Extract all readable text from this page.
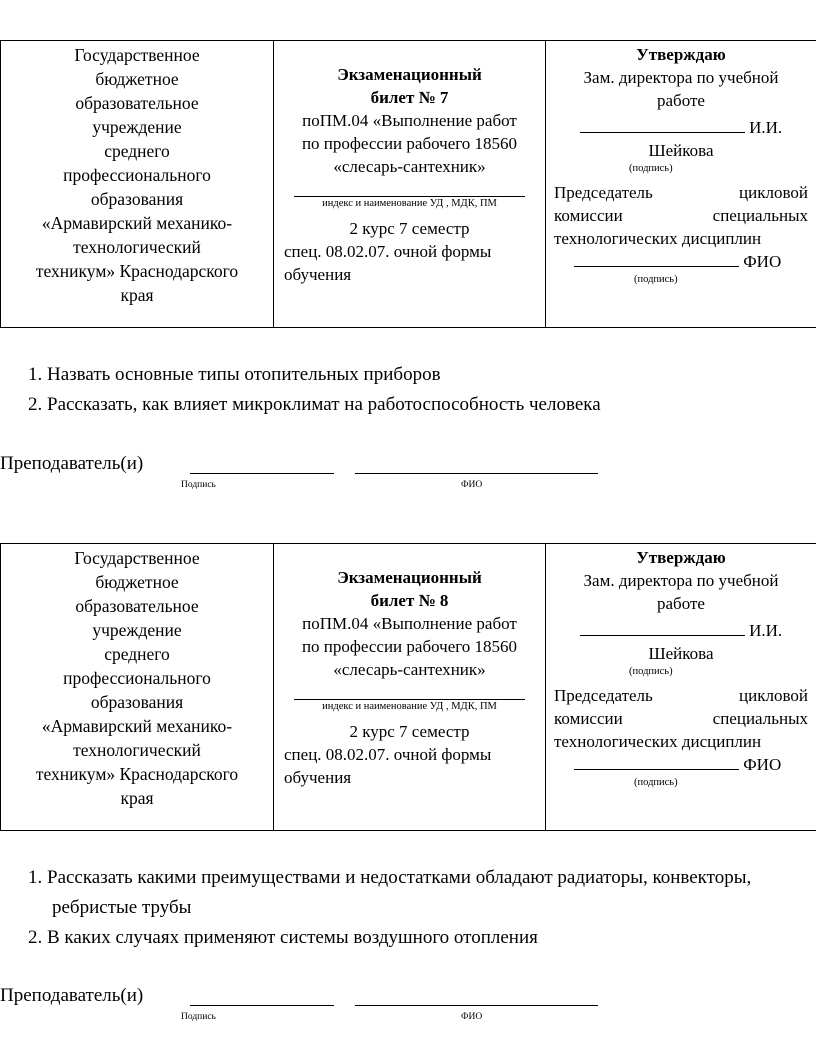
Государственное
бюджетное
образовательное
учреждение
среднего
профессионального
образования
«Армавирский механико-
технологический
техникум» Краснодарского
края

Экзаменационный
билет № 7
поПМ.04 «Выполнение работ
по профессии рабочего 18560
«слесарь-сантехник»
индекс и наименование УД , МДК, ПМ
2 курс 7 семестр
спец. 08.02.07. очной формы обучения

Утверждаю
Зам. директора по учебной
работе
И.И.
Шейкова
(подпись)
Председатель цикловой
комиссии специальных
технологических дисциплин
ФИО
(подпись)
1. Назвать основные типы отопительных приборов
2. Рассказать, как влияет микроклимат на работоспособность человека
Преподаватель(и)
Подпись	ФИО
Государственное
бюджетное
образовательное
учреждение
среднего
профессионального
образования
«Армавирский механико-
технологический
техникум» Краснодарского
края

Экзаменационный
билет № 8
поПМ.04 «Выполнение работ
по профессии рабочего 18560
«слесарь-сантехник»
индекс и наименование УД , МДК, ПМ
2 курс 7 семестр
спец. 08.02.07. очной формы обучения

Утверждаю
Зам. директора по учебной
работе
И.И.
Шейкова
(подпись)
Председатель цикловой
комиссии специальных
технологических дисциплин
ФИО
(подпись)
1. Рассказать какими преимуществами и недостатками обладают радиаторы, конвекторы, ребристые трубы
2. В каких случаях применяют системы воздушного отопления
Преподаватель(и)
Подпись	ФИО
